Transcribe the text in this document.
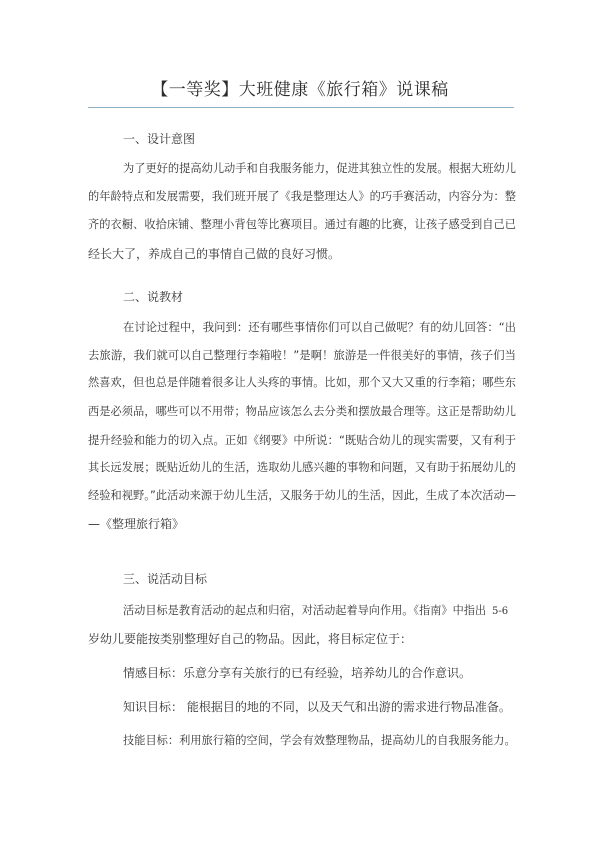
【一等奖】大班健康《旅行箱》说课稿
一、设计意图
为了更好的提高幼儿动手和自我服务能力，促进其独立性的发展。根据大班幼儿
的年龄特点和发展需要，我们班开展了《我是整理达人》的巧手赛活动，内容分为：整
齐的衣橱、收拾床铺、整理小背包等比赛项目。通过有趣的比赛，让孩子感受到自己已
经长大了，养成自己的事情自己做的良好习惯。
二、说教材
在讨论过程中，我问到：还有哪些事情你们可以自己做呢？有的幼儿回答：“出
去旅游，我们就可以自己整理行李箱啦！”是啊！旅游是一件很美好的事情，孩子们当
然喜欢，但也总是伴随着很多让人头疼的事情。比如，那个又大又重的行李箱；哪些东
西是必须品，哪些可以不用带；物品应该怎么去分类和摆放最合理等。这正是帮助幼儿
提升经验和能力的切入点。正如《纲要》中所说：“既贴合幼儿的现实需要，又有利于
其长远发展；既贴近幼儿的生活，选取幼儿感兴趣的事物和问题，又有助于拓展幼儿的
经验和视野。”此活动来源于幼儿生活，又服务于幼儿的生活，因此，生成了本次活动—
—《整理旅行箱》
三、说活动目标
活动目标是教育活动的起点和归宿，对活动起着导向作用。《指南》中指出
岁幼儿要能按类别整理好自己的物品。因此，将目标定位于：
5-6
情感目标：乐意分享有关旅行的已有经验，培养幼儿的合作意识。
知识目标： 能根据目的地的不同，以及天气和出游的需求进行物品准备。
技能目标：利用旅行箱的空间，学会有效整理物品，提高幼儿的自我服务能力。
